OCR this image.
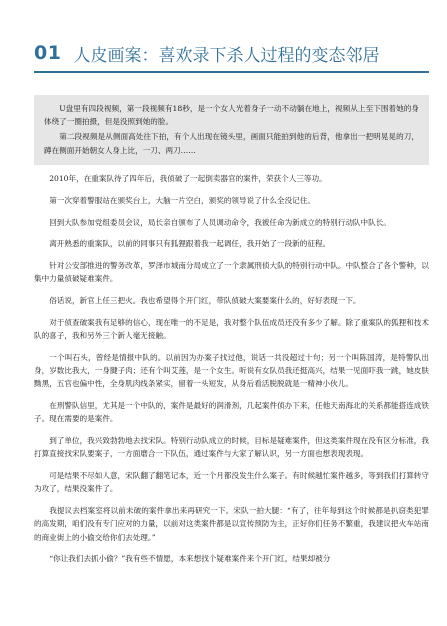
01 人皮画案：喜欢录下杀人过程的变态邻居

U盘里有四段视频，第一段视频有18秒，是一个女人光着身子一动不动躺在地上，视频从上至下围着她的身体绕了一圈拍摄，但是没照到她的脸。

第二段视频是从侧面高处往下拍，有个人出现在镜头里，画面只能拍到他的后背，他拿出一把明晃晃的刀，蹲在侧面开始朝女人身上比，一刀、两刀……

2010年，在重案队待了四年后，我侦破了一起倒卖器官的案件，荣获个人三等功。

第一次穿着警服站在颁奖台上，大脑一片空白，颁奖的领导说了什么全没记住。

回到大队参加党组委员会议，局长亲自颁布了人员调动命令，我被任命为新成立的特别行动队中队长。

离开熟悉的重案队，以前的同事只有狐狸跟着我一起调任，我开始了一段新的征程。

针对公安部推进的警务改革，罗泽市城南分局成立了一个隶属刑侦大队的特别行动中队。中队整合了各个警种，以集中力量侦破疑难案件。

俗话说，新官上任三把火。我也希望得个开门红，带队侦破大案要案什么的，好好表现一下。

对于侦查破案我有足够的信心，现在唯一的不足是，我对整个队伍成员还没有多少了解。除了重案队的狐狸和技术队的喜子，我和另外三个新人毫无接触。

一个叫石头，曾经是情报中队的。以前因为办案子找过他，说话一共没超过十句；另一个叫陈国涛，是特警队出身，岁数比我大，一身腱子肉；还有个叫艾莲，是一个女生。听说有女队员我还挺高兴，结果一见面吓我一跳，她皮肤黝黑，五官也偏中性，全身肌肉线条紧实，留着一头短发，从身后看活脱脱就是一精神小伙儿。

在刑警队信里，尤其是一个中队的，案件是最好的润滑剂，几起案件侦办下来，任他天南海北的关系都能搭连成铁子。现在需要的是案件。

到了单位，我兴致勃勃地去找宋队。特别行动队成立的时候，目标是疑难案件，但这类案件现在没有区分标准，我打算直接找宋队要案子，一方面磨合一下队伍，通过案件与大家了解认识，另一方面也想表现表现。

可是结果不尽如人意，宋队翻了翻笔记本，近一个月都没发生什么案子。有时候越忙案件越多，等到我们打算转守为攻了，结果没案件了。

我提议去档案室将以前未破的案件拿出来再研究一下。宋队一拍大腿：“有了，往年每到这个时候都是扒窃类犯罪的高发期，咱们没有专门应对的力量，以前对这类案件都是以宣传预防为主，正好你们任务不繁重，我建议把火车站南的商业街上的小偷交给你们去处理。”

“你让我们去抓小偷？”我有些不情愿，本来想找个疑难案件来个开门红，结果却被分
